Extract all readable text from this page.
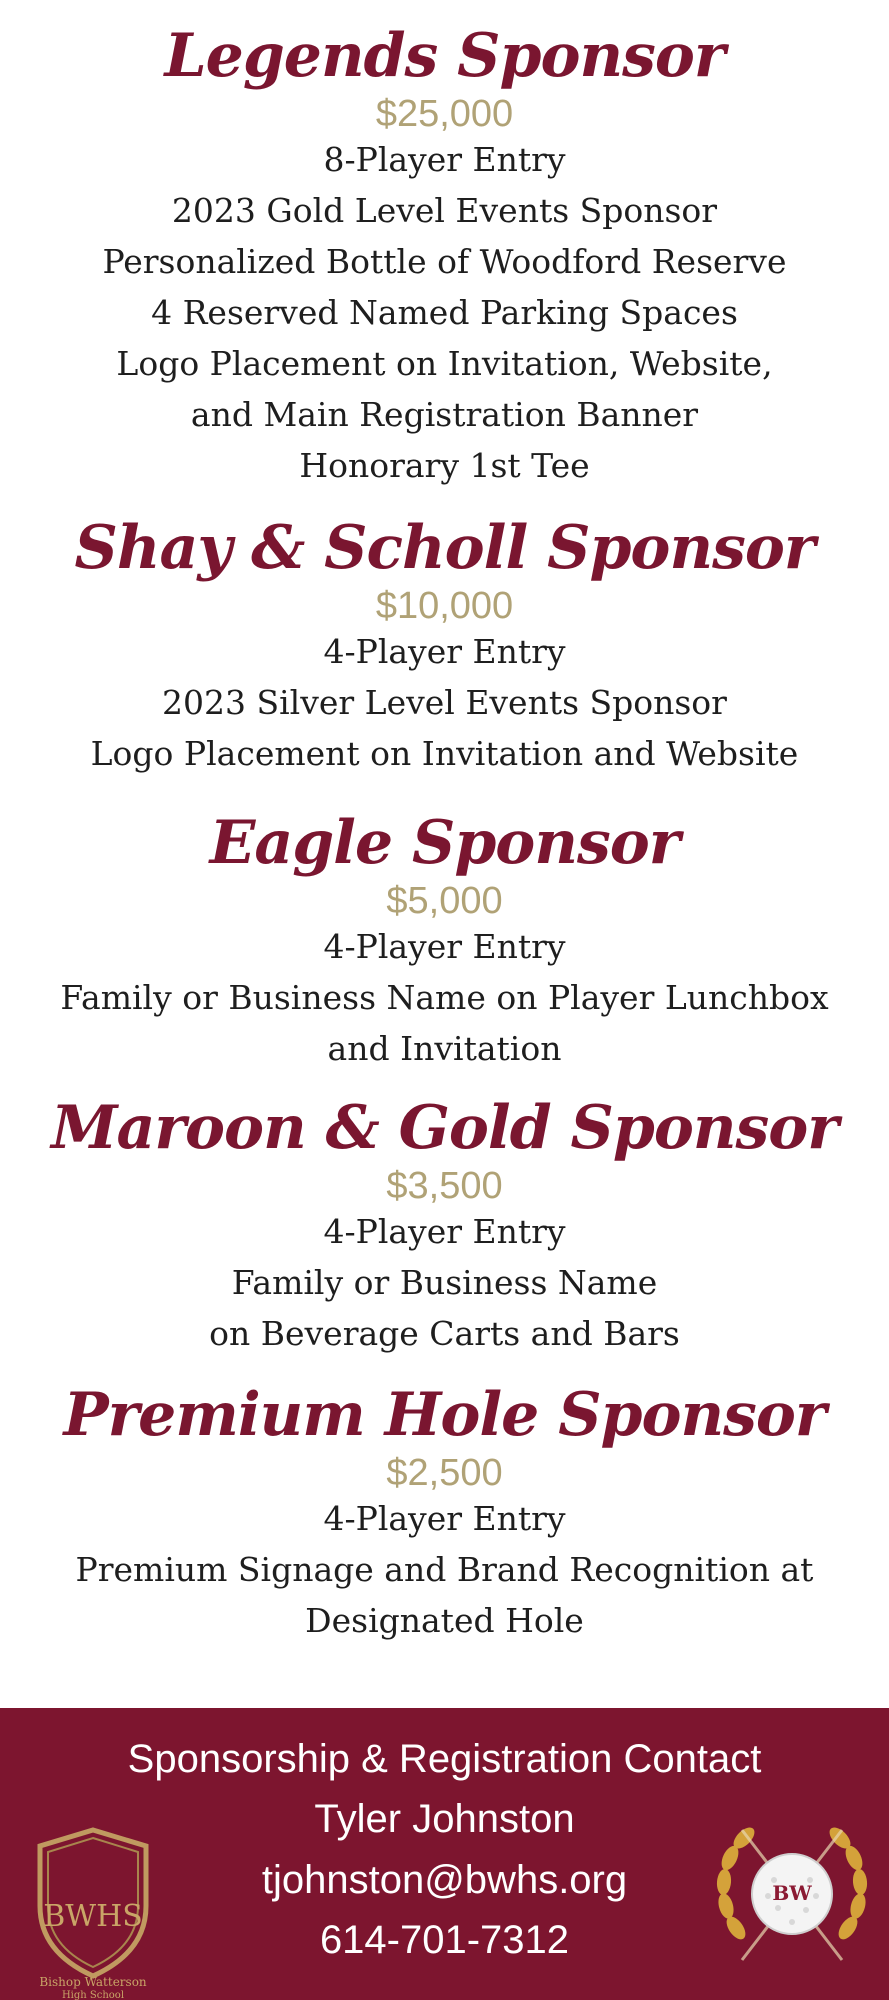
Legends Sponsor
$25,000
8-Player Entry
2023 Gold Level Events Sponsor
Personalized Bottle of Woodford Reserve
4 Reserved Named Parking Spaces
Logo Placement on Invitation, Website,
and Main Registration Banner
Honorary 1st Tee
Shay & Scholl Sponsor
$10,000
4-Player Entry
2023 Silver Level Events Sponsor
Logo Placement on Invitation and Website
Eagle Sponsor
$5,000
4-Player Entry
Family or Business Name on Player Lunchbox
and Invitation
Maroon & Gold Sponsor
$3,500
4-Player Entry
Family or Business Name
on Beverage Carts and Bars
Premium Hole Sponsor
$2,500
4-Player Entry
Premium Signage and Brand Recognition at
Designated Hole
Sponsorship & Registration Contact
Tyler Johnston
tjohnston@bwhs.org
614-701-7312
BWHS
Bishop Watterson
High School
BW
